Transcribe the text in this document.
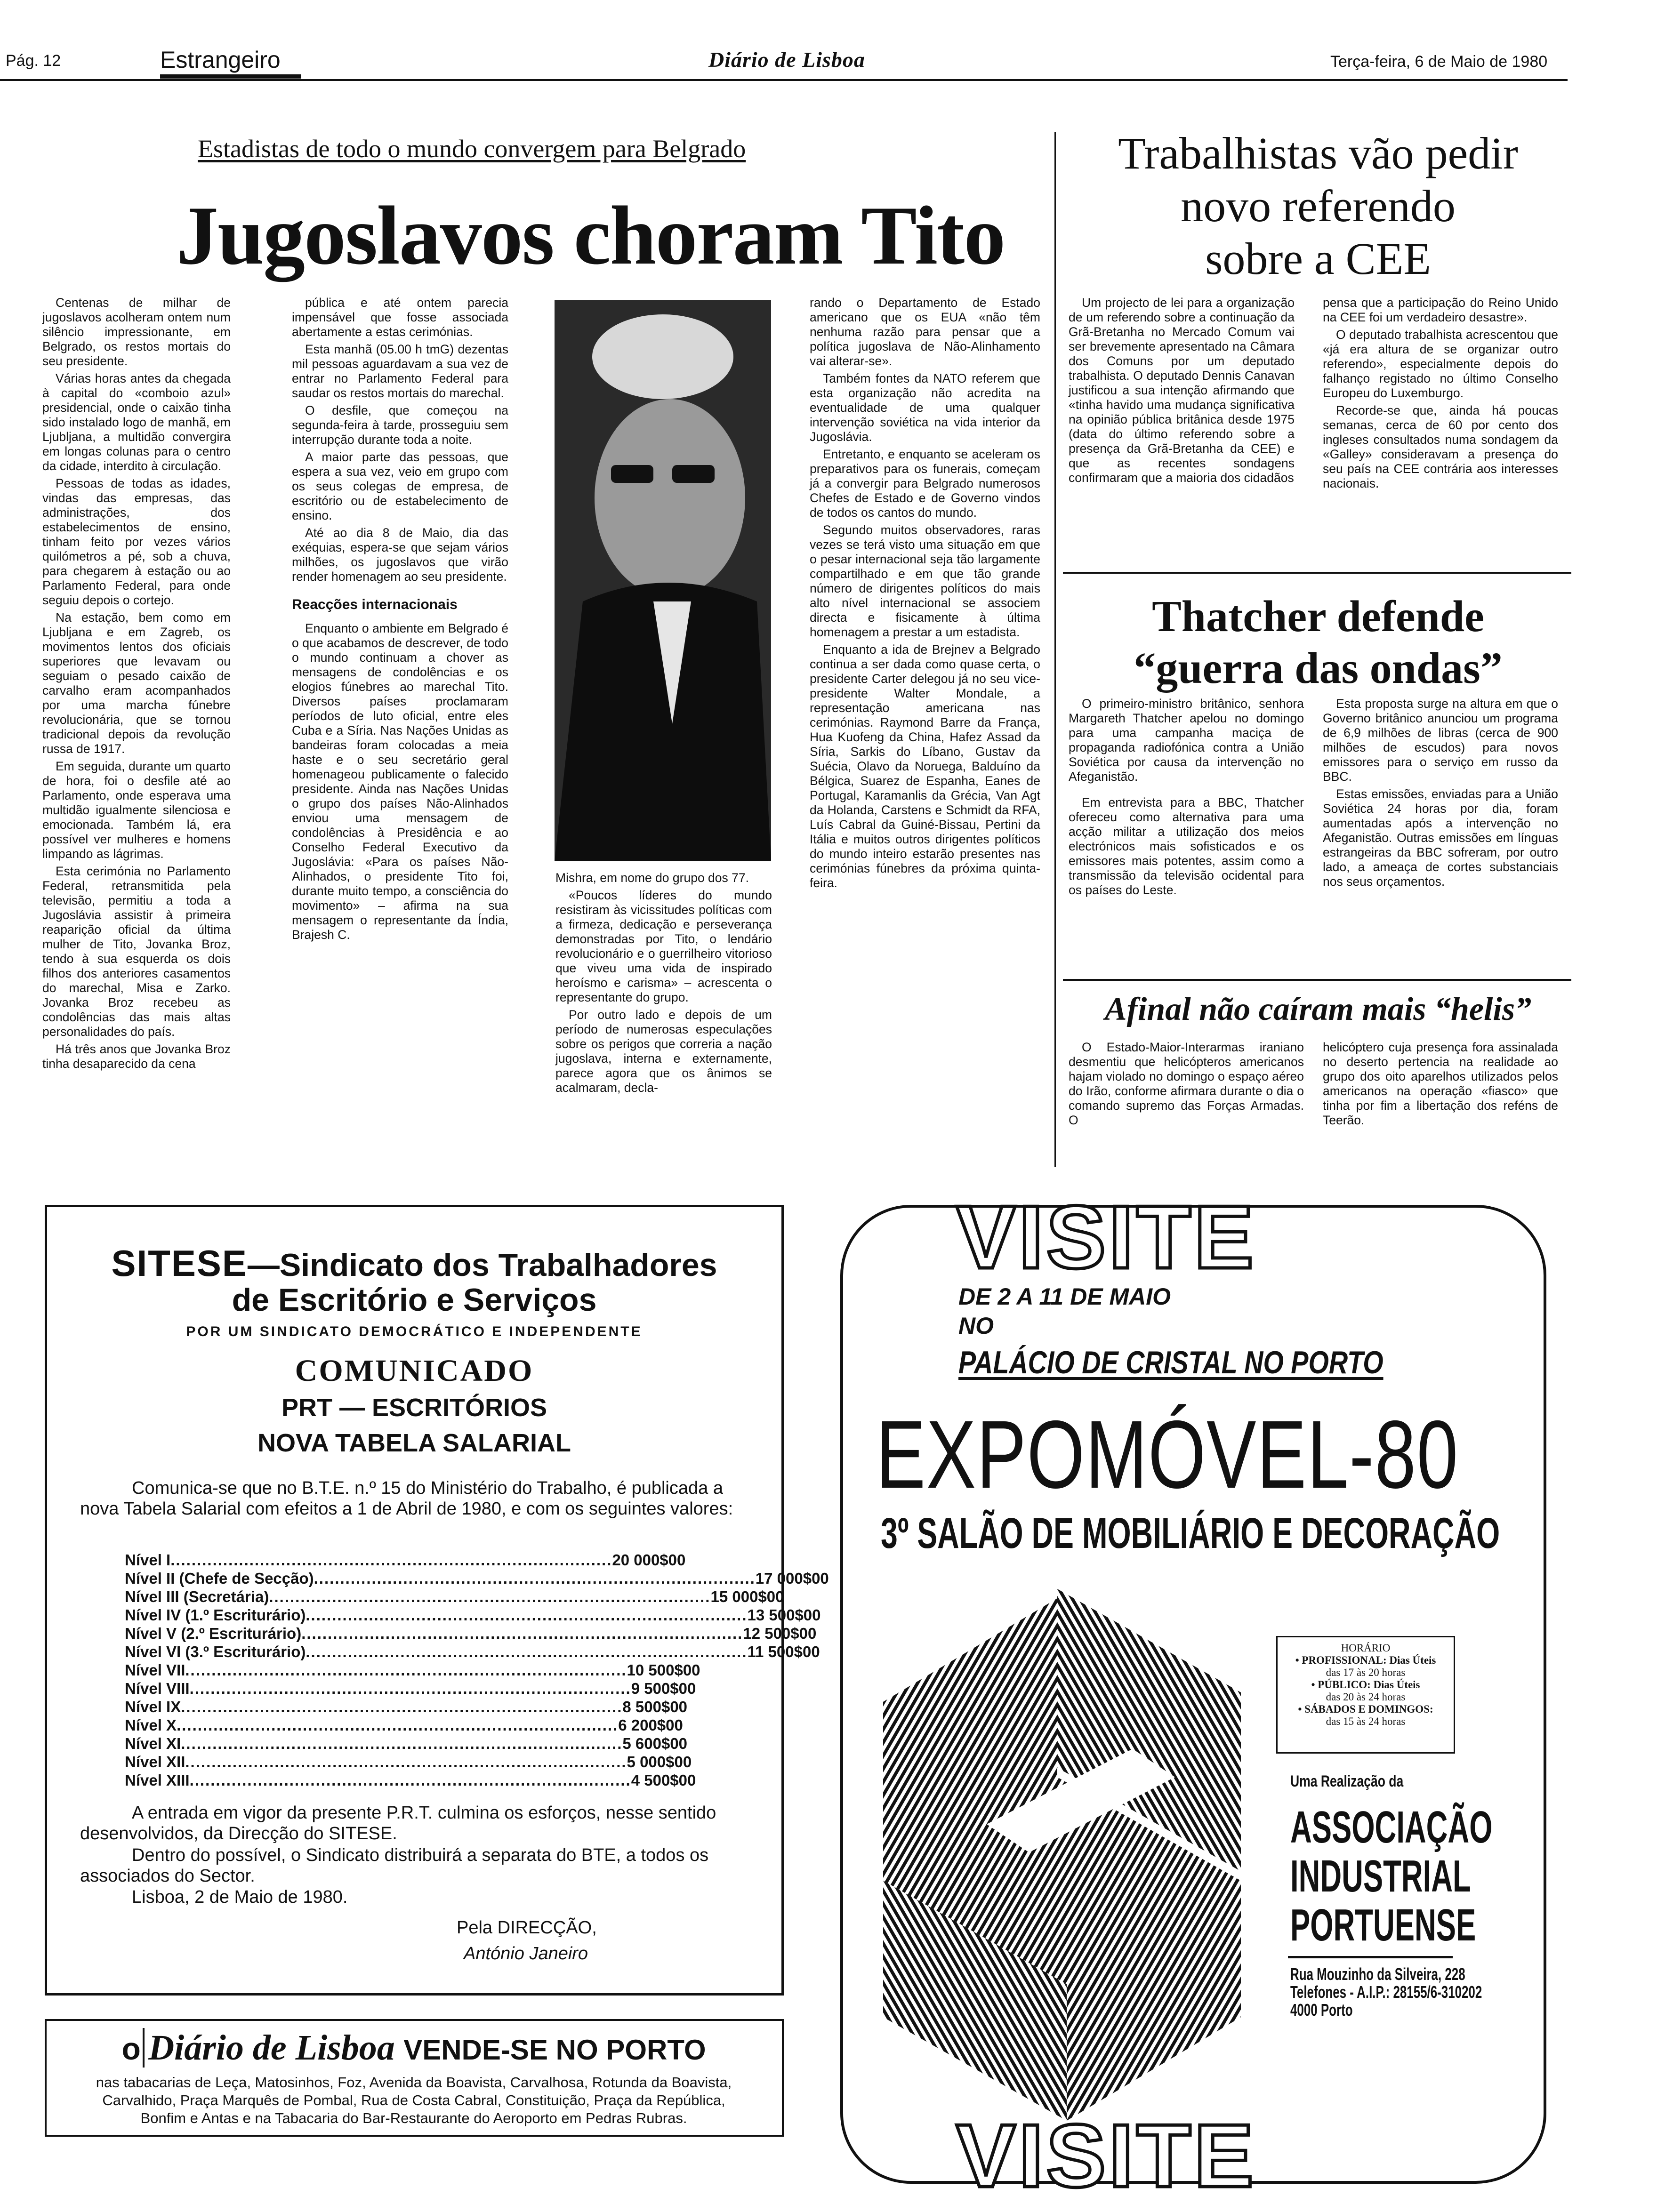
Pág. 12	Estrangeiro	Diário de Lisboa	Terça-feira, 6 de Maio de 1980
Estadistas de todo o mundo convergem para Belgrado
Jugoslavos choram Tito

Centenas de milhar de jugoslavos acolheram ontem num silêncio impressionante, em Belgrado, os restos mortais do seu presidente.

Várias horas antes da chegada à capital do «comboio azul» presidencial, onde o caixão tinha sido instalado logo de manhã, em Ljubljana, a multidão convergira em longas colunas para o centro da cidade, interdito à circulação.

Pessoas de todas as idades, vindas das empresas, das administrações, dos estabelecimentos de ensino, tinham feito por vezes vários quilómetros a pé, sob a chuva, para chegarem à estação ou ao Parlamento Federal, para onde seguiu depois o cortejo.

Na estação, bem como em Ljubljana e em Zagreb, os movimentos lentos dos oficiais superiores que levavam ou seguiam o pesado caixão de carvalho eram acompanhados por uma marcha fúnebre revolucionária, que se tornou tradicional depois da revolução russa de 1917.

Em seguida, durante um quarto de hora, foi o desfile até ao Parlamento, onde esperava uma multidão igualmente silenciosa e emocionada. Também lá, era possível ver mulheres e homens limpando as lágrimas.

Esta cerimónia no Parlamento Federal, retransmitida pela televisão, permitiu a toda a Jugoslávia assistir à primeira reaparição oficial da última mulher de Tito, Jovanka Broz, tendo à sua esquerda os dois filhos dos anteriores casamentos do marechal, Misa e Zarko. Jovanka Broz recebeu as condolências das mais altas personalidades do país.

Há três anos que Jovanka Broz tinha desaparecido da cena

pública e até ontem parecia impensável que fosse associada abertamente a estas cerimónias.

Esta manhã (05.00 h tmG) dezentas mil pessoas aguardavam a sua vez de entrar no Parlamento Federal para saudar os restos mortais do marechal.

O desfile, que começou na segunda-feira à tarde, prosseguiu sem interrupção durante toda a noite.

A maior parte das pessoas, que espera a sua vez, veio em grupo com os seus colegas de empresa, de escritório ou de estabelecimento de ensino.

Até ao dia 8 de Maio, dia das exéquias, espera-se que sejam vários milhões, os jugoslavos que virão render homenagem ao seu presidente.

Reacções internacionais

Enquanto o ambiente em Belgrado é o que acabamos de descrever, de todo o mundo continuam a chover as mensagens de condolências e os elogios fúnebres ao marechal Tito. Diversos países proclamaram períodos de luto oficial, entre eles Cuba e a Síria. Nas Nações Unidas as bandeiras foram colocadas a meia haste e o seu secretário geral homenageou publicamente o falecido presidente. Ainda nas Nações Unidas o grupo dos países Não-Alinhados enviou uma mensagem de condolências à Presidência e ao Conselho Federal Executivo da Jugoslávia: «Para os países Não-Alinhados, o presidente Tito foi, durante muito tempo, a consciência do movimento» – afirma na sua mensagem o representante da Índia, Brajesh C.

Mishra, em nome do grupo dos 77.

«Poucos líderes do mundo resistiram às vicissitudes políticas com a firmeza, dedicação e perseverança demonstradas por Tito, o lendário revolucionário e o guerrilheiro vitorioso que viveu uma vida de inspirado heroísmo e carisma» – acrescenta o representante do grupo.

Por outro lado e depois de um período de numerosas especulações sobre os perigos que correria a nação jugoslava, interna e externamente, parece agora que os ânimos se acalmaram, decla-

rando o Departamento de Estado americano que os EUA «não têm nenhuma razão para pensar que a política jugoslava de Não-Alinhamento vai alterar-se».

Também fontes da NATO referem que esta organização não acredita na eventualidade de uma qualquer intervenção soviética na vida interior da Jugoslávia.

Entretanto, e enquanto se aceleram os preparativos para os funerais, começam já a convergir para Belgrado numerosos Chefes de Estado e de Governo vindos de todos os cantos do mundo.

Segundo muitos observadores, raras vezes se terá visto uma situação em que o pesar internacional seja tão largamente compartilhado e em que tão grande número de dirigentes políticos do mais alto nível internacional se associem directa e fisicamente à última homenagem a prestar a um estadista.

Enquanto a ida de Brejnev a Belgrado continua a ser dada como quase certa, o presidente Carter delegou já no seu vice-presidente Walter Mondale, a representação americana nas cerimónias. Raymond Barre da França, Hua Kuofeng da China, Hafez Assad da Síria, Sarkis do Líbano, Gustav da Suécia, Olavo da Noruega, Balduíno da Bélgica, Suarez de Espanha, Eanes de Portugal, Karamanlis da Grécia, Van Agt da Holanda, Carstens e Schmidt da RFA, Luís Cabral da Guiné-Bissau, Pertini da Itália e muitos outros dirigentes políticos do mundo inteiro estarão presentes nas cerimónias fúnebres da próxima quinta-feira.

Trabalhistas vão pedir
novo referendo
sobre a CEE

Um projecto de lei para a organização de um referendo sobre a continuação da Grã-Bretanha no Mercado Comum vai ser brevemente apresentado na Câmara dos Comuns por um deputado trabalhista. O deputado Dennis Canavan justificou a sua intenção afirmando que «tinha havido uma mudança significativa na opinião pública britânica desde 1975 (data do último referendo sobre a presença da Grã-Bretanha da CEE) e que as recentes sondagens confirmaram que a maioria dos cidadãos

pensa que a participação do Reino Unido na CEE foi um verdadeiro desastre».

O deputado trabalhista acrescentou que «já era altura de se organizar outro referendo», especialmente depois do falhanço registado no último Conselho Europeu do Luxemburgo.

Recorde-se que, ainda há poucas semanas, cerca de 60 por cento dos ingleses consultados numa sondagem da «Galley» consideravam a presença do seu país na CEE contrária aos interesses nacionais.

Thatcher defende
“guerra das ondas”

O primeiro-ministro britânico, senhora Margareth Thatcher apelou no domingo para uma campanha maciça de propaganda radiofónica contra a União Soviética por causa da intervenção no Afeganistão.

Em entrevista para a BBC, Thatcher ofereceu como alternativa para uma acção militar a utilização dos meios electrónicos mais sofisticados e os emissores mais potentes, assim como a transmissão da televisão ocidental para os países do Leste.

Esta proposta surge na altura em que o Governo britânico anunciou um programa de 6,9 milhões de libras (cerca de 900 milhões de escudos) para novos emissores para o serviço em russo da BBC.

Estas emissões, enviadas para a União Soviética 24 horas por dia, foram aumentadas após a intervenção no Afeganistão. Outras emissões em línguas estrangeiras da BBC sofreram, por outro lado, a ameaça de cortes substanciais nos seus orçamentos.

Afinal não caíram mais “helis”

O Estado-Maior-Interarmas iraniano desmentiu que helicópteros americanos hajam violado no domingo o espaço aéreo do Irão, conforme afirmara durante o dia o comando supremo das Forças Armadas. O

helicóptero cuja presença fora assinalada no deserto pertencia na realidade ao grupo dos oito aparelhos utilizados pelos americanos na operação «fiasco» que tinha por fim a libertação dos reféns de Teerão.

SITESE—Sindicato dos Trabalhadores
de Escritório e Serviços
POR UM SINDICATO DEMOCRÁTICO E INDEPENDENTE
COMUNICADO
PRT — ESCRITÓRIOS
NOVA TABELA SALARIAL
Comunica-se que no B.T.E. n.º 15 do Ministério do Trabalho, é publicada a nova Tabela Salarial com efeitos a 1 de Abril de 1980, e com os seguintes valores:
Nível I .................................................................................... 20 000$00
Nível II (Chefe de Secção) .................................................................................... 17 000$00
Nível III (Secretária) .................................................................................... 15 000$00
Nível IV (1.º Escriturário) .................................................................................... 13 500$00
Nível V (2.º Escriturário) .................................................................................... 12 500$00
Nível VI (3.º Escriturário) .................................................................................... 11 500$00
Nível VII .................................................................................... 10 500$00
Nível VIII .................................................................................... 9 500$00
Nível IX .................................................................................... 8 500$00
Nível X .................................................................................... 6 200$00
Nível XI .................................................................................... 5 600$00
Nível XII .................................................................................... 5 000$00
Nível XIII .................................................................................... 4 500$00
A entrada em vigor da presente P.R.T. culmina os esforços, nesse sentido desenvolvidos, da Direcção do SITESE.
Dentro do possível, o Sindicato distribuirá a separata do BTE, a todos os associados do Sector.
Lisboa, 2 de Maio de 1980.
Pela DIRECÇÃO,
António Janeiro
o Diário de Lisboa VENDE-SE NO PORTO
nas tabacarias de Leça, Matosinhos, Foz, Avenida da Boavista, Carvalhosa, Rotunda da Boavista, Carvalhido, Praça Marquês de Pombal, Rua de Costa Cabral, Constituição, Praça da República, Bonfim e Antas e na Tabacaria do Bar-Restaurante do Aeroporto em Pedras Rubras.
VISITE
DE 2 A 11 DE MAIO
NO
PALÁCIO DE CRISTAL NO PORTO
EXPOMÓVEL-80
3º SALÃO DE MOBILIÁRIO E DECORAÇÃO
HORÁRIO
• PROFISSIONAL: Dias Úteis
das 17 às 20 horas
• PÚBLICO: Dias Úteis
das 20 às 24 horas
• SÁBADOS E DOMINGOS:
das 15 às 24 horas
Uma Realização da
ASSOCIAÇÃO
INDUSTRIAL
PORTUENSE
Rua Mouzinho da Silveira, 228
Telefones - A.I.P.: 28155/6-310202
4000 Porto
VISITE
